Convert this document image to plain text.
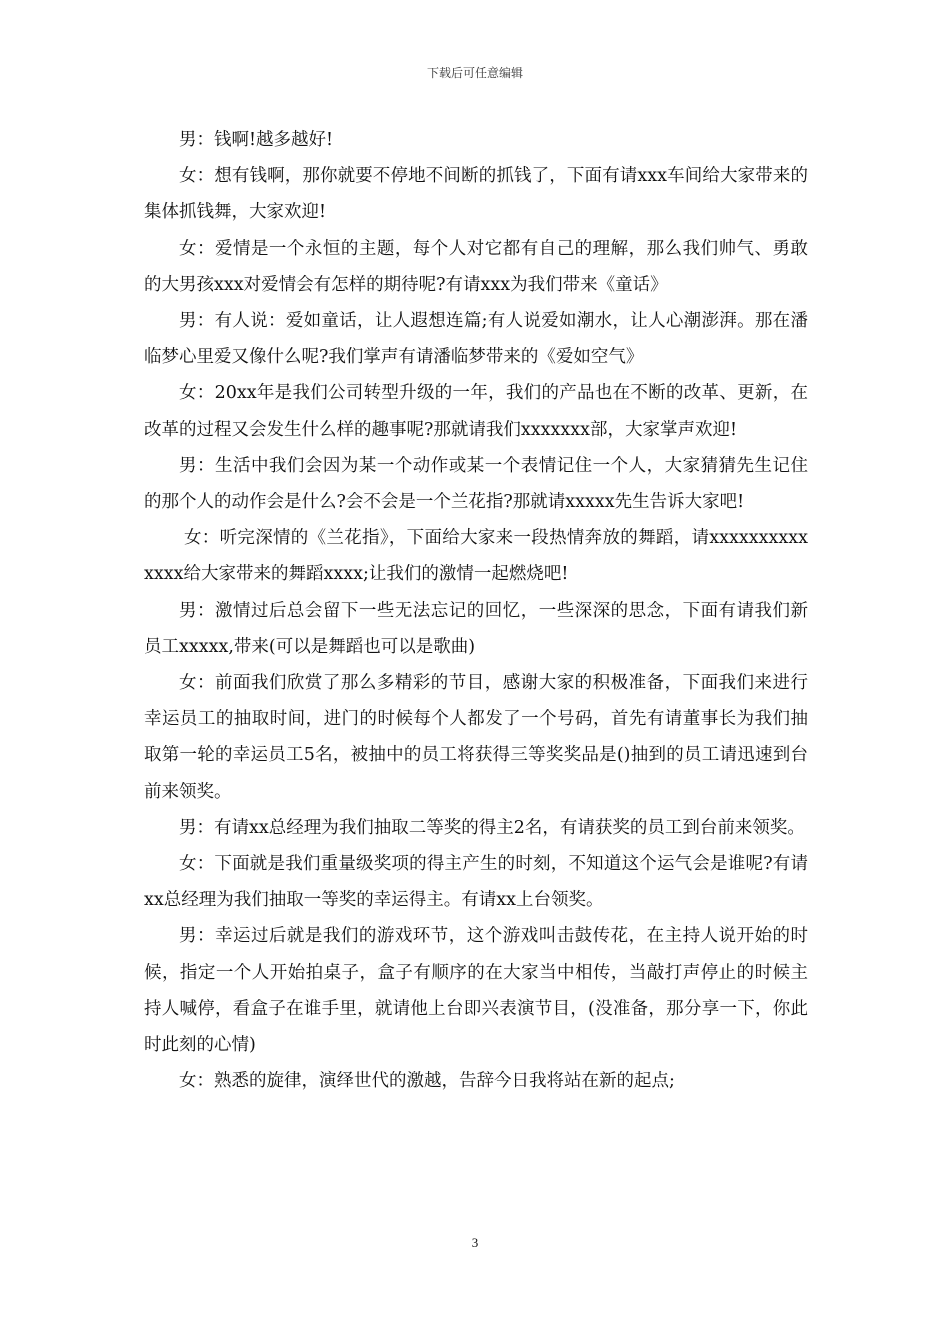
下载后可任意编辑

男：钱啊!越多越好!

女：想有钱啊，那你就要不停地不间断的抓钱了，下面有请xxx车间给大家带来的集体抓钱舞，大家欢迎!

女：爱情是一个永恒的主题，每个人对它都有自己的理解，那么我们帅气、勇敢的大男孩xxx对爱情会有怎样的期待呢?有请xxx为我们带来《童话》

男：有人说：爱如童话，让人遐想连篇;有人说爱如潮水，让人心潮澎湃。那在潘临梦心里爱又像什么呢?我们掌声有请潘临梦带来的《爱如空气》

女：20xx年是我们公司转型升级的一年，我们的产品也在不断的改革、更新，在改革的过程又会发生什么样的趣事呢?那就请我们xxxxxxx部，大家掌声欢迎!

男：生活中我们会因为某一个动作或某一个表情记住一个人，大家猜猜先生记住的那个人的动作会是什么?会不会是一个兰花指?那就请xxxxx先生告诉大家吧!

女：听完深情的《兰花指》，下面给大家来一段热情奔放的舞蹈，请xxxxxxxxxxxxxx给大家带来的舞蹈xxxx;让我们的激情一起燃烧吧!

男：激情过后总会留下一些无法忘记的回忆，一些深深的思念，下面有请我们新员工xxxxx,带来(可以是舞蹈也可以是歌曲)

女：前面我们欣赏了那么多精彩的节目，感谢大家的积极准备，下面我们来进行幸运员工的抽取时间，进门的时候每个人都发了一个号码，首先有请董事长为我们抽取第一轮的幸运员工5名，被抽中的员工将获得三等奖奖品是()抽到的员工请迅速到台前来领奖。

男：有请xx总经理为我们抽取二等奖的得主2名，有请获奖的员工到台前来领奖。

女：下面就是我们重量级奖项的得主产生的时刻，不知道这个运气会是谁呢?有请xx总经理为我们抽取一等奖的幸运得主。有请xx上台领奖。

男：幸运过后就是我们的游戏环节，这个游戏叫击鼓传花，在主持人说开始的时候，指定一个人开始拍桌子，盒子有顺序的在大家当中相传，当敲打声停止的时候主持人喊停，看盒子在谁手里，就请他上台即兴表演节目，(没准备，那分享一下，你此时此刻的心情)

女：熟悉的旋律，演绎世代的激越，告辞今日我将站在新的起点;

3
